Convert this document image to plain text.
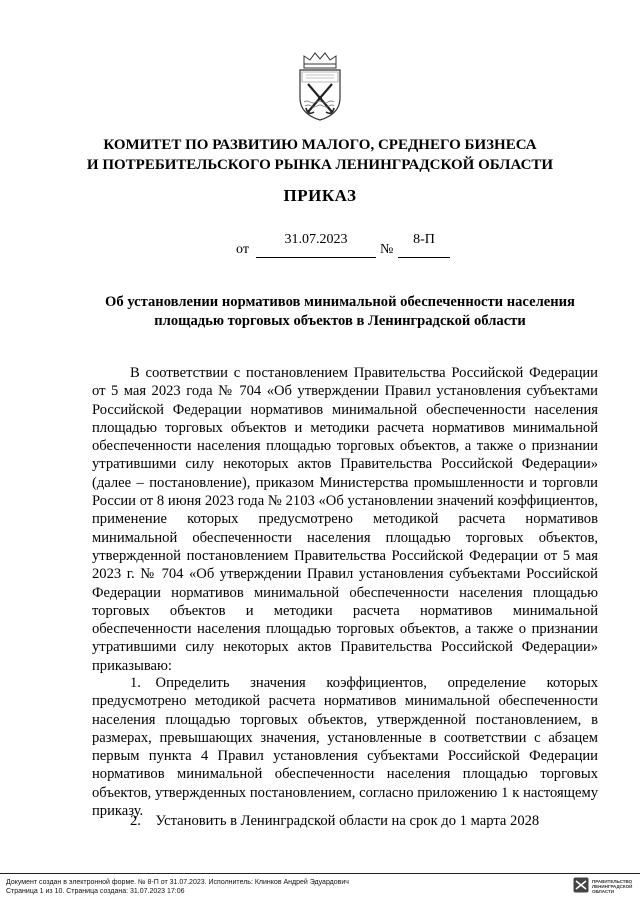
КОМИТЕТ ПО РАЗВИТИЮ МАЛОГО, СРЕДНЕГО БИЗНЕСА
И ПОТРЕБИТЕЛЬСКОГО РЫНКА ЛЕНИНГРАДСКОЙ ОБЛАСТИ
ПРИКАЗ
от
31.07.2023
№
8-П
Об установлении нормативов минимальной обеспеченности населения площадью торговых объектов в Ленинградской области
В соответствии с постановлением Правительства Российской Федерации от 5 мая 2023 года № 704 «Об утверждении Правил установления субъектами Российской Федерации нормативов минимальной обеспеченности населения площадью торговых объектов и методики расчета нормативов минимальной обеспеченности населения площадью торговых объектов, а также о признании утратившими силу некоторых актов Правительства Российской Федерации» (далее – постановление), приказом Министерства промышленности и торговли России от 8 июня 2023 года № 2103 «Об установлении значений коэффициентов, применение которых предусмотрено методикой расчета нормативов минимальной обеспеченности населения площадью торговых объектов, утвержденной постановлением Правительства Российской Федерации от 5 мая 2023 г. № 704 «Об утверждении Правил установления субъектами Российской Федерации нормативов минимальной обеспеченности населения площадью торговых объектов и методики расчета нормативов минимальной обеспеченности населения площадью торговых объектов, а также о признании утратившими силу некоторых актов Правительства Российской Федерации» приказываю:
1. Определить значения коэффициентов, определение которых предусмотрено методикой расчета нормативов минимальной обеспеченности населения площадью торговых объектов, утвержденной постановлением, в размерах, превышающих значения, установленные в соответствии с абзацем первым пункта 4 Правил установления субъектами Российской Федерации нормативов минимальной обеспеченности населения площадью торговых объектов, утвержденных постановлением, согласно приложению 1 к настоящему приказу.
2. Установить в Ленинградской области на срок до 1 марта 2028
Документ создан в электронной форме. № 8-П от 31.07.2023. Исполнитель: Клинков Андрей Эдуардович
Страница 1 из 10. Страница создана: 31.07.2023 17:06
ПРАВИТЕЛЬСТВО ЛЕНИНГРАДСКОЙ ОБЛАСТИ
